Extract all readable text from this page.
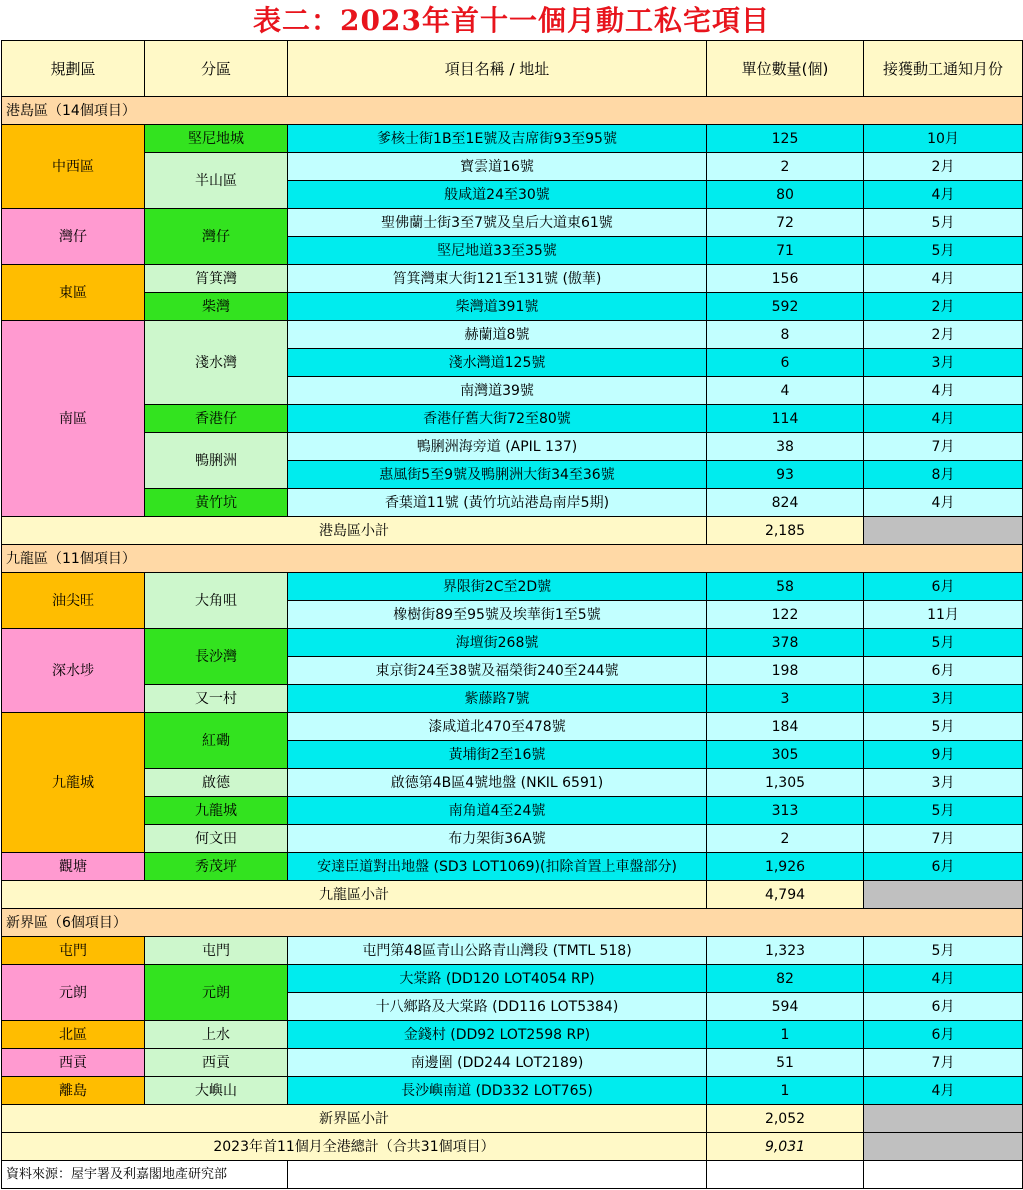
表二：2023年首十一個月動工私宅項目
規劃區	分區	項目名稱 / 地址	單位數量(個)	接獲動工通知月份
港島區（14個項目）				
中西區	堅尼地城	爹核士街1B至1E號及吉席街93至95號	125	10月
	半山區	寶雲道16號	2	2月
		般咸道24至30號	80	4月
灣仔	灣仔	聖佛蘭士街3至7號及皇后大道東61號	72	5月
		堅尼地道33至35號	71	5月
東區	筲箕灣	筲箕灣東大街121至131號 (傲華)	156	4月
	柴灣	柴灣道391號	592	2月
南區	淺水灣	赫蘭道8號	8	2月
		淺水灣道125號	6	3月
		南灣道39號	4	4月
	香港仔	香港仔舊大街72至80號	114	4月
	鴨脷洲	鴨脷洲海旁道 (APIL 137)	38	7月
		惠風街5至9號及鴨脷洲大街34至36號	93	8月
	黃竹坑	香葉道11號 (黃竹坑站港島南岸5期)	824	4月
港島區小計			2,185	
九龍區（11個項目）				
油尖旺	大角咀	界限街2C至2D號	58	6月
		橡樹街89至95號及埃華街1至5號	122	11月
深水埗	長沙灣	海壇街268號	378	5月
		東京街24至38號及福榮街240至244號	198	6月
	又一村	紫藤路7號	3	3月
九龍城	紅磡	漆咸道北470至478號	184	5月
		黃埔街2至16號	305	9月
	啟德	啟德第4B區4號地盤 (NKIL 6591)	1,305	3月
	九龍城	南角道4至24號	313	5月
	何文田	布力架街36A號	2	7月
觀塘	秀茂坪	安達臣道對出地盤 (SD3 LOT1069)(扣除首置上車盤部分)	1,926	6月
九龍區小計			4,794	
新界區（6個項目）				
屯門	屯門	屯門第48區青山公路青山灣段 (TMTL 518)	1,323	5月
元朗	元朗	大棠路 (DD120 LOT4054 RP)	82	4月
		十八鄉路及大棠路 (DD116 LOT5384)	594	6月
北區	上水	金錢村 (DD92 LOT2598 RP)	1	6月
西貢	西貢	南邊圍 (DD244 LOT2189)	51	7月
離島	大嶼山	長沙嶼南道 (DD332 LOT765)	1	4月
新界區小計			2,052	
2023年首11個月全港總計（合共31個項目）			9,031	
資料來源：屋宇署及利嘉閣地產研究部				
